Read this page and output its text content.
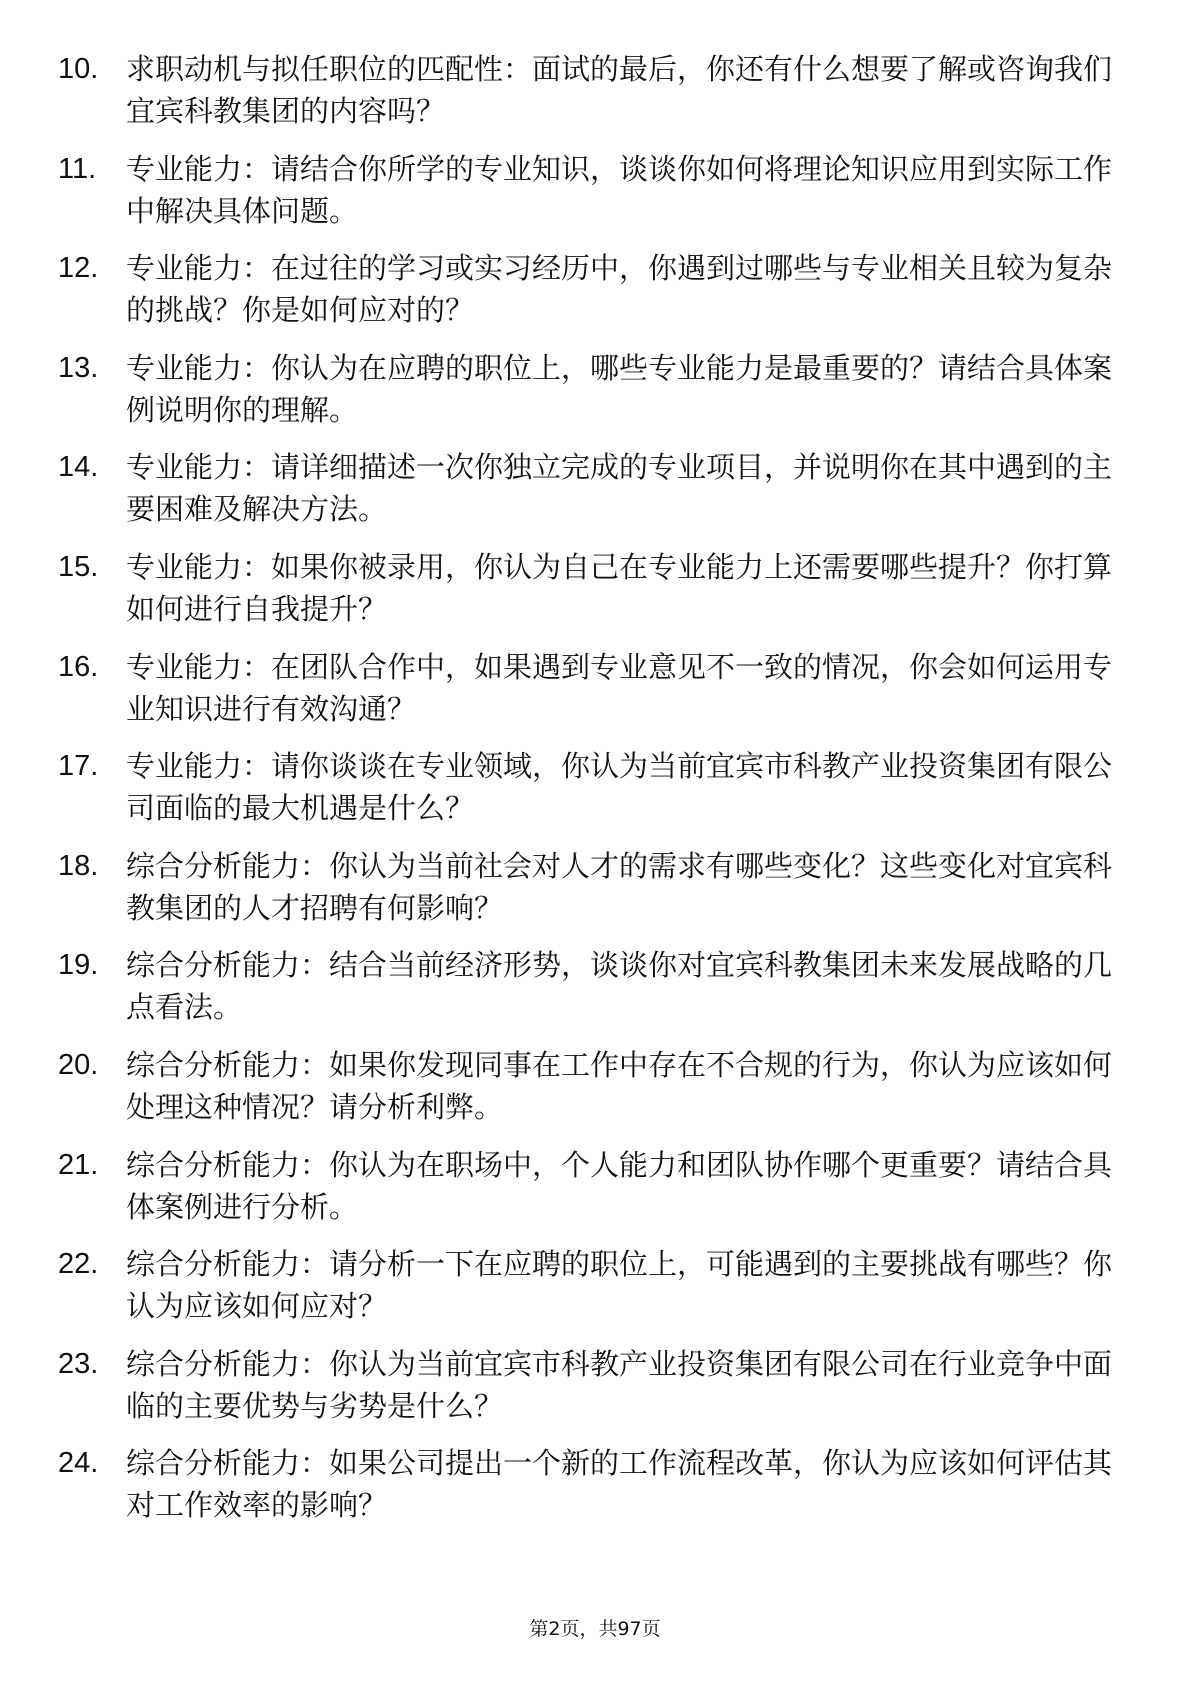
10. 求职动机与拟任职位的匹配性：面试的最后，你还有什么想要了解或咨询我们宜宾科教集团的内容吗？
11. 专业能力：请结合你所学的专业知识，谈谈你如何将理论知识应用到实际工作中解决具体问题。
12. 专业能力：在过往的学习或实习经历中，你遇到过哪些与专业相关且较为复杂的挑战？你是如何应对的？
13. 专业能力：你认为在应聘的职位上，哪些专业能力是最重要的？请结合具体案例说明你的理解。
14. 专业能力：请详细描述一次你独立完成的专业项目，并说明你在其中遇到的主要困难及解决方法。
15. 专业能力：如果你被录用，你认为自己在专业能力上还需要哪些提升？你打算如何进行自我提升？
16. 专业能力：在团队合作中，如果遇到专业意见不一致的情况，你会如何运用专业知识进行有效沟通？
17. 专业能力：请你谈谈在专业领域，你认为当前宜宾市科教产业投资集团有限公司面临的最大机遇是什么？
18. 综合分析能力：你认为当前社会对人才的需求有哪些变化？这些变化对宜宾科教集团的人才招聘有何影响？
19. 综合分析能力：结合当前经济形势，谈谈你对宜宾科教集团未来发展战略的几点看法。
20. 综合分析能力：如果你发现同事在工作中存在不合规的行为，你认为应该如何处理这种情况？请分析利弊。
21. 综合分析能力：你认为在职场中，个人能力和团队协作哪个更重要？请结合具体案例进行分析。
22. 综合分析能力：请分析一下在应聘的职位上，可能遇到的主要挑战有哪些？你认为应该如何应对？
23. 综合分析能力：你认为当前宜宾市科教产业投资集团有限公司在行业竞争中面临的主要优势与劣势是什么？
24. 综合分析能力：如果公司提出一个新的工作流程改革，你认为应该如何评估其对工作效率的影响？
第2页，共97页
